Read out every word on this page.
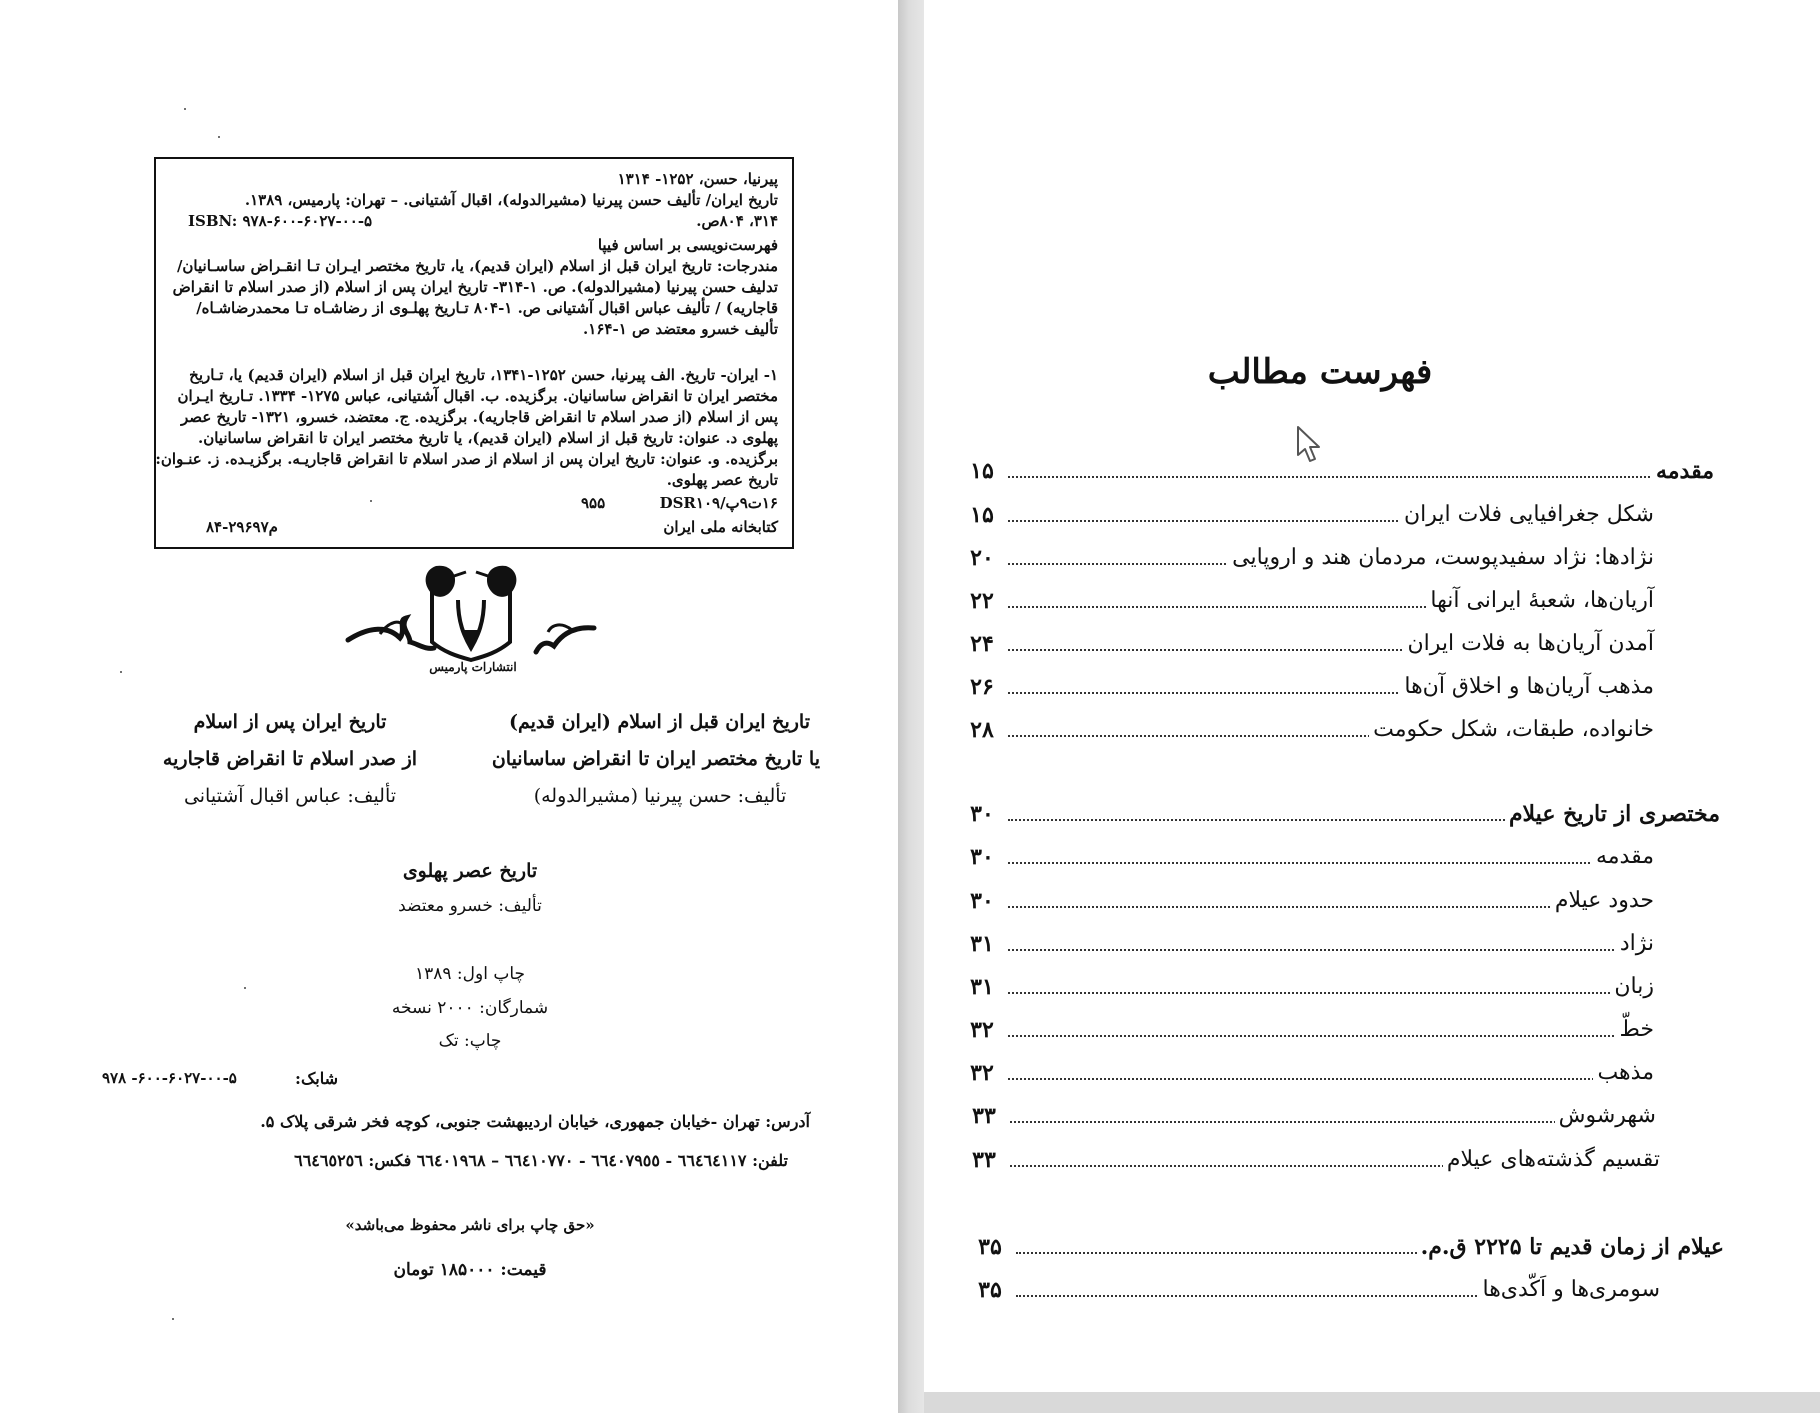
پیرنیا، حسن، ۱۲۵۲- ۱۳۱۴
تاریخ ایران/ تألیف حسن پیرنیا (مشیرالدوله)، اقبال آشتیانی. – تهران: پارمیس، ۱۳۸۹.
۳۱۴، ۸۰۴ص.
ISBN: ۹۷۸-۶۰۰-۶۰۲۷-۰۰-۵
فهرست‌نویسی بر اساس فیپا
مندرجات: تاریخ ایران قبل از اسلام (ایران قدیم)، یا، تاریخ مختصر ایـران تـا انقـراض ساسـانیان/
تدلیف حسن پیرنیا (مشیرالدوله). ص. ۱-۳۱۴- تاریخ ایران پس از اسلام (از صدر اسلام تا انقراض
قاجاریه) / تألیف عباس اقبال آشتیانی ص. ۱-۸۰۴ تـاریخ پهلـوی از رضاشـاه تـا محمدرضاشـاه/
تألیف خسرو معتضد ص ۱-۱۶۴.
۱- ایران- تاریخ. الف پیرنیا، حسن ۱۲۵۲-۱۳۴۱، تاریخ ایران قبل از اسلام (ایران قدیم) یا، تـاریخ
مختصر ایران تا انقراض ساسانیان. برگزیده. ب. اقبال آشتیانی، عباس ۱۲۷۵- ۱۳۳۴. تـاریخ ایـران
پس از اسلام (از صدر اسلام تا انقراض قاجاریه). برگزیده. ج. معتضد، خسرو، ۱۳۲۱- تاریخ عصر
پهلوی د. عنوان: تاریخ قبل از اسلام (ایران قدیم)، یا تاریخ مختصر ایران تا انقراض ساسانیان.
برگزیده. و. عنوان: تاریخ ایران پس از اسلام از صدر اسلام تا انقراض قاجاریـه. برگزیـده. ز. عنـوان:
تاریخ عصر پهلوی.
۱۶ت۹پ/DSR۱۰۹
۹۵۵
کتابخانه ملی ایران
۸۴-۲۹۶۹۷م
انتشارات پارمیس
تاریخ ایران قبل از اسلام (ایران قدیم)
یا تاریخ مختصر ایران تا انقراض ساسانیان
تألیف: حسن پیرنیا (مشیرالدوله)
تاریخ ایران پس از اسلام
از صدر اسلام تا انقراض قاجاریه
تألیف: عباس اقبال آشتیانی
تاریخ عصر پهلوی
تألیف: خسرو معتضد
چاپ اول: ۱۳۸۹
شمارگان: ۲۰۰۰ نسخه
چاپ: تک
شابک:
۹۷۸ -۶۰۰-۶۰۲۷-۰۰-۵
آدرس: تهران -خیابان جمهوری، خیابان اردیبهشت جنوبی، کوچه فخر شرقی پلاک ۵.
تلفن: ٦٦٤٦٤١١٧ - ٦٦٤٠٧٩٥٥ - ٦٦٤١٠٧٧٠ – ٦٦٤٠١٩٦٨ فکس: ٦٦٤٦٥٢٥٦
«حق چاپ برای ناشر محفوظ می‌باشد»
قیمت: ۱۸۵۰۰۰ تومان
فهرست مطالب
۱۵	مقدمه
۱۵	شکل جغرافیایی فلات ایران
۲۰	نژادها: نژاد سفیدپوست، مردمان هند و اروپایی
۲۲	آریان‌ها، شعبهٔ ایرانی آنها
۲۴	آمدن آریان‌ها به فلات ایران
۲۶	مذهب آریان‌ها و اخلاق آن‌ها
۲۸	خانواده، طبقات، شکل حکومت
۳۰	مختصری از تاریخ عیلام
۳۰	مقدمه
۳۰	حدود عیلام
۳۱	نژاد
۳۱	زبان
۳۲	خطّ
۳۲	مذهب
۳۳	شهرشوش
۳۳	تقسیم گذشته‌های عیلام
۳۵	عیلام از زمان قدیم تا ۲۲۲۵ ق.م.
۳۵	سومری‌ها و اَکّدی‌ها
